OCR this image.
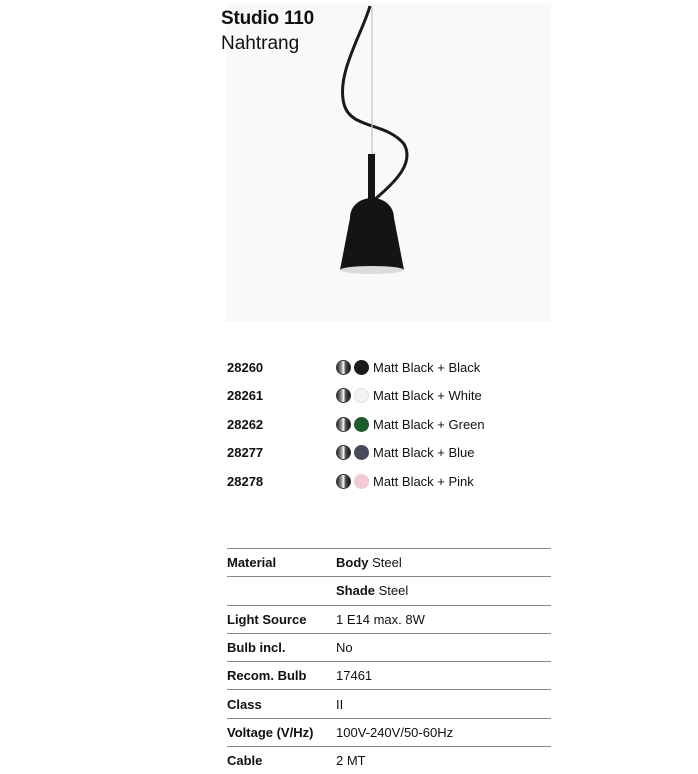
Studio 110
Nahtrang
28260	Matt Black + Black
28261	Matt Black + White
28262	Matt Black + Green
28277	Matt Black + Blue
28278	Matt Black + Pink
Material	Body Steel
	Shade Steel
Light Source	1 E14 max. 8W
Bulb incl.	No
Recom. Bulb	17461
Class	II
Voltage (V/Hz)	100V-240V/50-60Hz
Cable	2 MT
